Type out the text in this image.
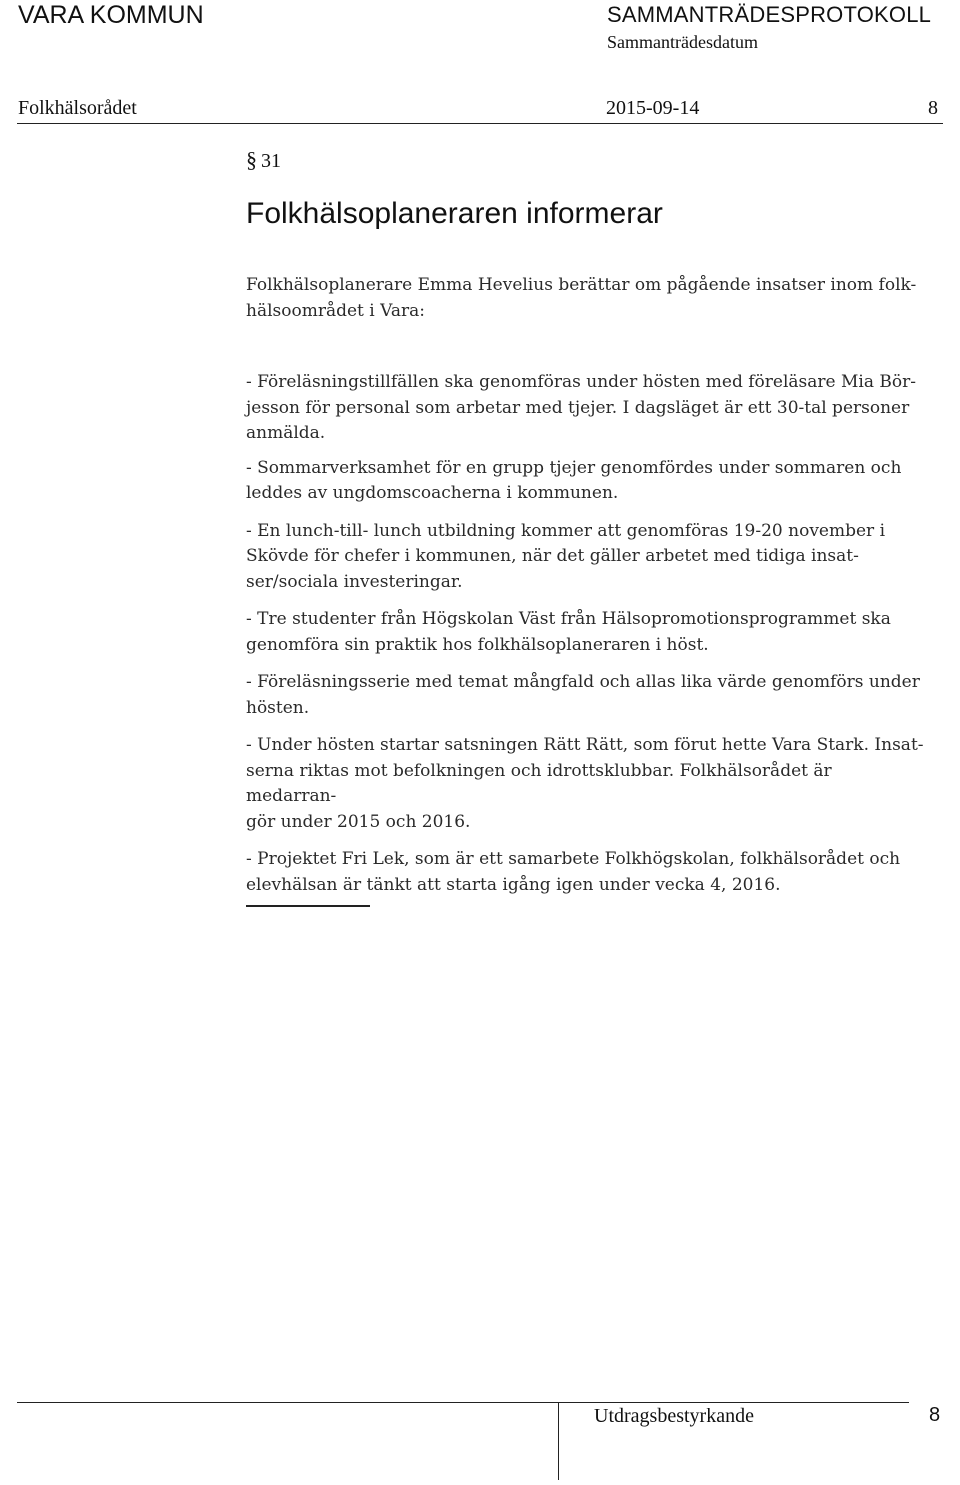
VARA KOMMUN	SAMMANTRÄDESPROTOKOLL
Sammanträdesdatum
Folkhälsorådet	2015-09-14	8
§ 31
Folkhälsoplaneraren informerar

Folkhälsoplanerare Emma Hevelius berättar om pågående insatser inom folk-

hälsoområdet i Vara:

- Föreläsningstillfällen ska genomföras under hösten med föreläsare Mia Bör-

jesson för personal som arbetar med tjejer. I dagsläget är ett 30-tal personer

anmälda.

- Sommarverksamhet för en grupp tjejer genomfördes under sommaren och

leddes av ungdomscoacherna i kommunen.

- En lunch-till- lunch utbildning kommer att genomföras 19-20 november i

Skövde för chefer i kommunen, när det gäller arbetet med tidiga insat-

ser/sociala investeringar.

- Tre studenter från Högskolan Väst från Hälsopromotionsprogrammet ska

genomföra sin praktik hos folkhälsoplaneraren i höst.

- Föreläsningsserie med temat mångfald och allas lika värde genomförs under

hösten.

- Under hösten startar satsningen Rätt Rätt, som förut hette Vara Stark. Insat-

serna riktas mot befolkningen och idrottsklubbar. Folkhälsorådet är medarran-

gör under 2015 och 2016.

- Projektet Fri Lek, som är ett samarbete Folkhögskolan, folkhälsorådet och

elevhälsan är tänkt att starta igång igen under vecka 4, 2016.

Utdragsbestyrkande	8
